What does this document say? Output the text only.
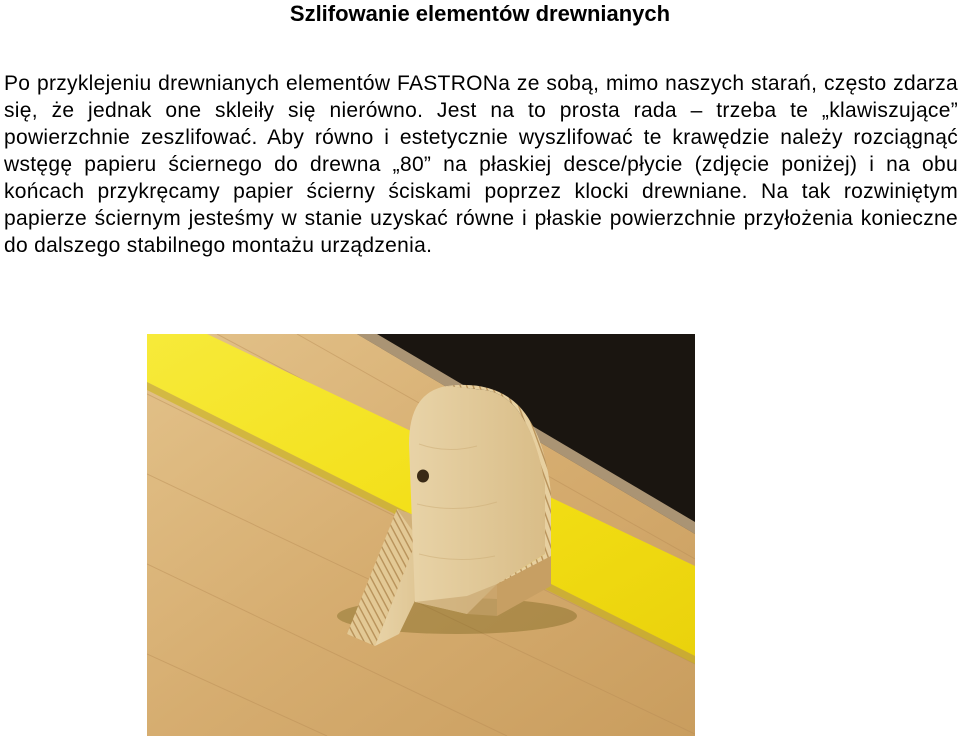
Szlifowanie elementów drewnianych

Po przyklejeniu drewnianych elementów FASTRONa ze sobą, mimo naszych starań, często zdarza się, że jednak one skleiły się nierówno. Jest na to prosta rada – trzeba te „klawiszujące” powierzchnie zeszlifować. Aby równo i estetycznie wyszlifować te krawędzie należy rozciągnąć wstęgę papieru ściernego do drewna „80” na płaskiej desce/płycie (zdjęcie poniżej) i na obu końcach przykręcamy papier ścierny ściskami poprzez klocki drewniane. Na tak rozwiniętym papierze ściernym jesteśmy w stanie uzyskać równe i płaskie powierzchnie przyłożenia konieczne do dalszego stabilnego montażu urządzenia.
